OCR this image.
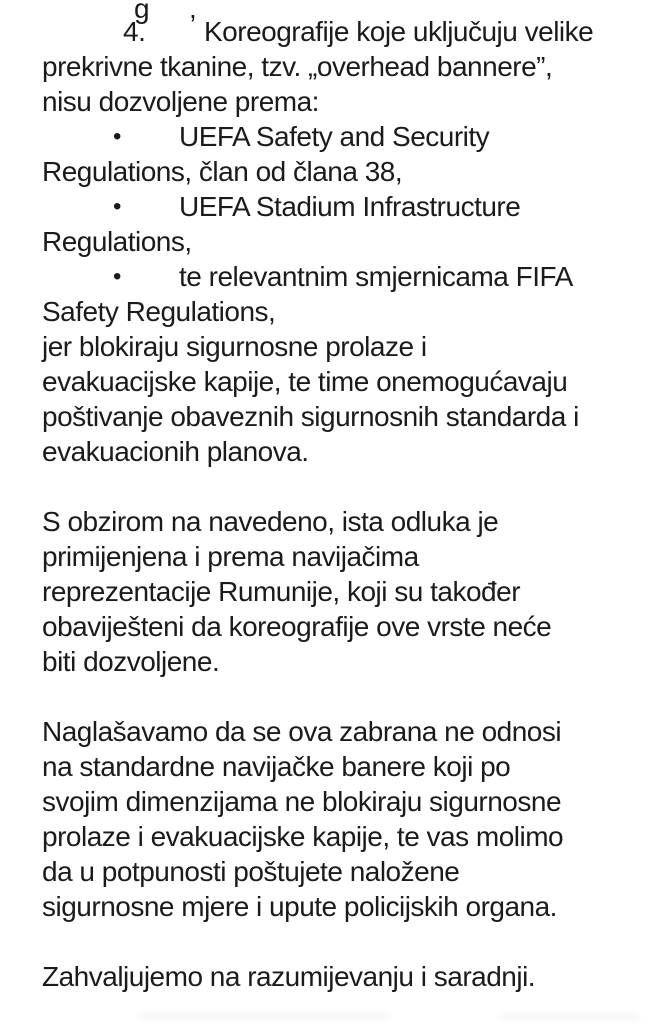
g ,
4. Koreografije koje uključuju velike
prekrivne tkanine, tzv. „overhead bannere”,
nisu dozvoljene prema:
• UEFA Safety and Security
Regulations, član od člana 38,
• UEFA Stadium Infrastructure
Regulations,
• te relevantnim smjernicama FIFA
Safety Regulations,
jer blokiraju sigurnosne prolaze i
evakuacijske kapije, te time onemogućavaju
poštivanje obaveznih sigurnosnih standarda i
evakuacionih planova.
S obzirom na navedeno, ista odluka je
primijenjena i prema navijačima
reprezentacije Rumunije, koji su također
obaviješteni da koreografije ove vrste neće
biti dozvoljene.
Naglašavamo da se ova zabrana ne odnosi
na standardne navijačke banere koji po
svojim dimenzijama ne blokiraju sigurnosne
prolaze i evakuacijske kapije, te vas molimo
da u potpunosti poštujete naložene
sigurnosne mjere i upute policijskih organa.
Zahvaljujemo na razumijevanju i saradnji.
